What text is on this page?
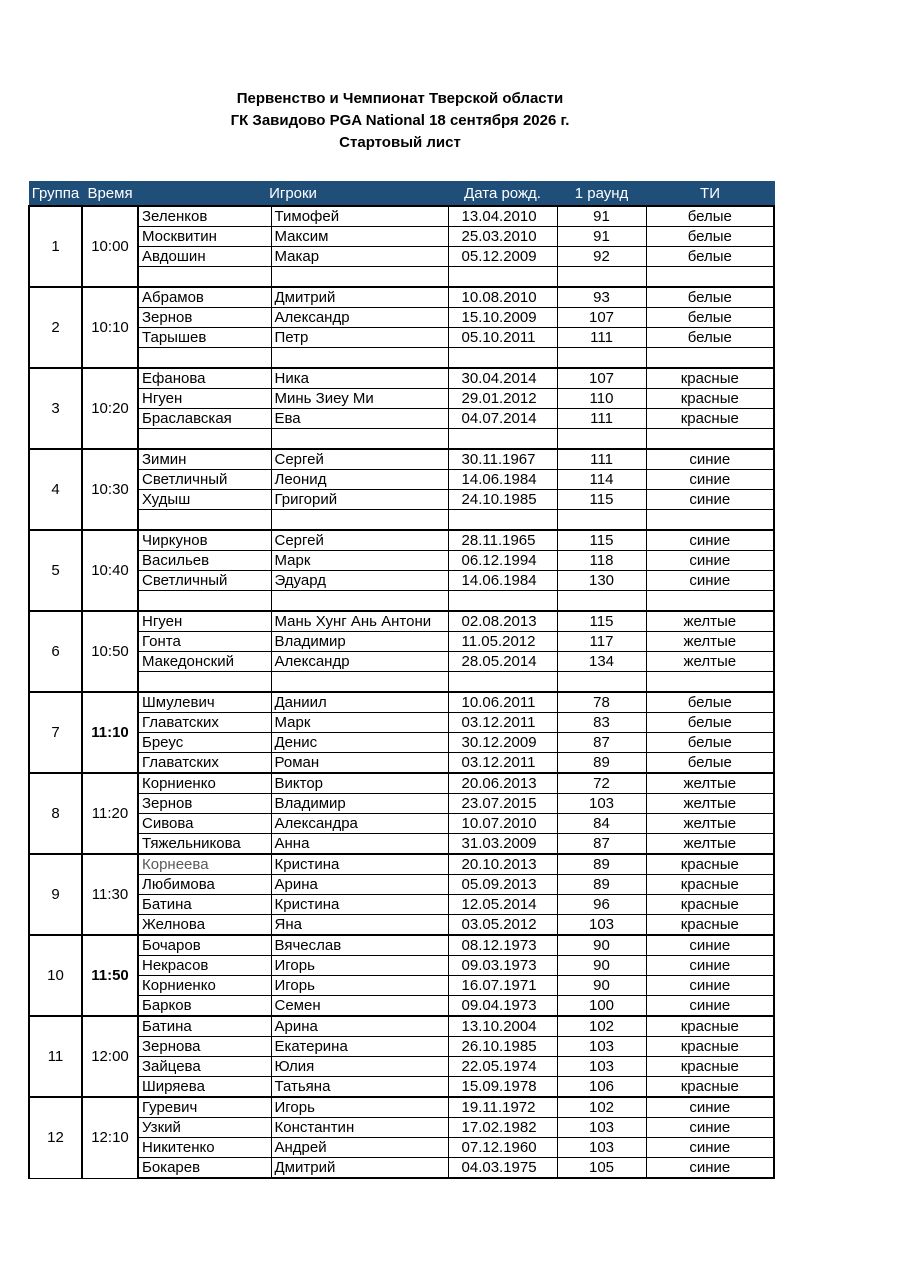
Первенство и Чемпионат Тверской области
ГК Завидово PGA National 18 сентября 2026 г.
Стартовый лист
Группа	Время	Игроки		Дата рожд.	1 раунд	ТИ
1	10:00	Зеленков	Тимофей	13.04.2010	91	белые
		Москвитин	Максим	25.03.2010	91	белые
		Авдошин	Макар	05.12.2009	92	белые

2	10:10	Абрамов	Дмитрий	10.08.2010	93	белые
		Зернов	Александр	15.10.2009	107	белые
		Тарышев	Петр	05.10.2011	111	белые

3	10:20	Ефанова	Ника	30.04.2014	107	красные
		Нгуен	Минь Зиеу Ми	29.01.2012	110	красные
		Браславская	Ева	04.07.2014	111	красные

4	10:30	Зимин	Сергей	30.11.1967	111	синие
		Светличный	Леонид	14.06.1984	114	синие
		Худыш	Григорий	24.10.1985	115	синие

5	10:40	Чиркунов	Сергей	28.11.1965	115	синие
		Васильев	Марк	06.12.1994	118	синие
		Светличный	Эдуард	14.06.1984	130	синие

6	10:50	Нгуен	Мань Хунг Ань Антони	02.08.2013	115	желтые
		Гонта	Владимир	11.05.2012	117	желтые
		Македонский	Александр	28.05.2014	134	желтые

7	11:10	Шмулевич	Даниил	10.06.2011	78	белые
		Главатских	Марк	03.12.2011	83	белые
		Бреус	Денис	30.12.2009	87	белые
		Главатских	Роман	03.12.2011	89	белые
8	11:20	Корниенко	Виктор	20.06.2013	72	желтые
		Зернов	Владимир	23.07.2015	103	желтые
		Сивова	Александра	10.07.2010	84	желтые
		Тяжельникова	Анна	31.03.2009	87	желтые
9	11:30	Корнеева	Кристина	20.10.2013	89	красные
		Любимова	Арина	05.09.2013	89	красные
		Батина	Кристина	12.05.2014	96	красные
		Желнова	Яна	03.05.2012	103	красные
10	11:50	Бочаров	Вячеслав	08.12.1973	90	синие
		Некрасов	Игорь	09.03.1973	90	синие
		Корниенко	Игорь	16.07.1971	90	синие
		Барков	Семен	09.04.1973	100	синие
11	12:00	Батина	Арина	13.10.2004	102	красные
		Зернова	Екатерина	26.10.1985	103	красные
		Зайцева	Юлия	22.05.1974	103	красные
		Ширяева	Татьяна	15.09.1978	106	красные
12	12:10	Гуревич	Игорь	19.11.1972	102	синие
		Узкий	Константин	17.02.1982	103	синие
		Никитенко	Андрей	07.12.1960	103	синие
		Бокарев	Дмитрий	04.03.1975	105	синие
